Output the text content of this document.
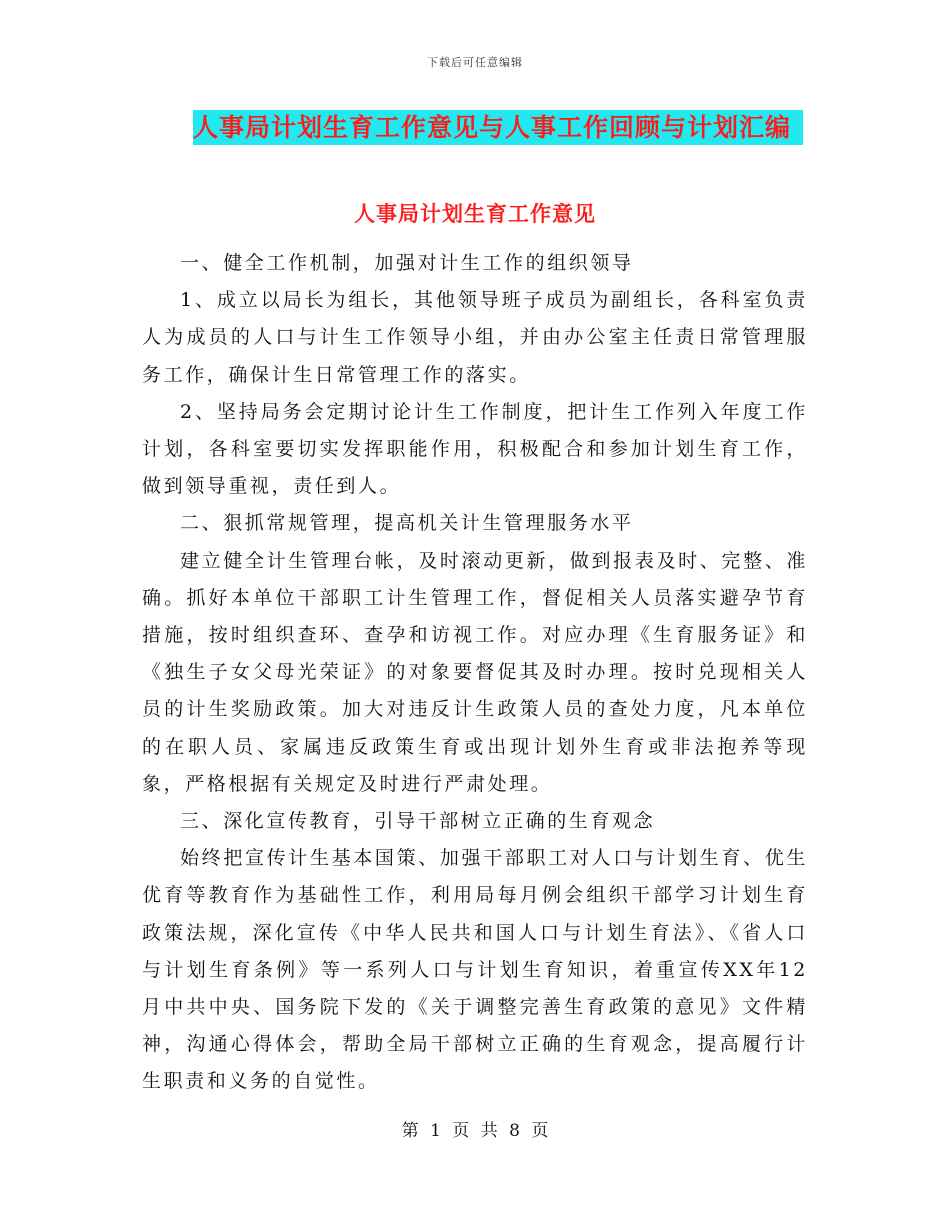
下载后可任意编辑
人事局计划生育工作意见与人事工作回顾与计划汇编
人事局计划生育工作意见

一、健全工作机制，加强对计生工作的组织领导

1、成立以局长为组长，其他领导班子成员为副组长，各科室负责人为成员的人口与计生工作领导小组，并由办公室主任责日常管理服务工作，确保计生日常管理工作的落实。

2、坚持局务会定期讨论计生工作制度，把计生工作列入年度工作计划，各科室要切实发挥职能作用，积极配合和参加计划生育工作，做到领导重视，责任到人。

二、狠抓常规管理，提高机关计生管理服务水平

建立健全计生管理台帐，及时滚动更新，做到报表及时、完整、准确。抓好本单位干部职工计生管理工作，督促相关人员落实避孕节育措施，按时组织查环、查孕和访视工作。对应办理《生育服务证》和《独生子女父母光荣证》的对象要督促其及时办理。按时兑现相关人员的计生奖励政策。加大对违反计生政策人员的查处力度，凡本单位的在职人员、家属违反政策生育或出现计划外生育或非法抱养等现象，严格根据有关规定及时进行严肃处理。

三、深化宣传教育，引导干部树立正确的生育观念

始终把宣传计生基本国策、加强干部职工对人口与计划生育、优生优育等教育作为基础性工作，利用局每月例会组织干部学习计划生育政策法规，深化宣传《中华人民共和国人口与计划生育法》、《省人口与计划生育条例》等一系列人口与计划生育知识，着重宣传XX年12月中共中央、国务院下发的《关于调整完善生育政策的意见》文件精神，沟通心得体会，帮助全局干部树立正确的生育观念，提高履行计生职责和义务的自觉性。

第 1 页 共 8 页
